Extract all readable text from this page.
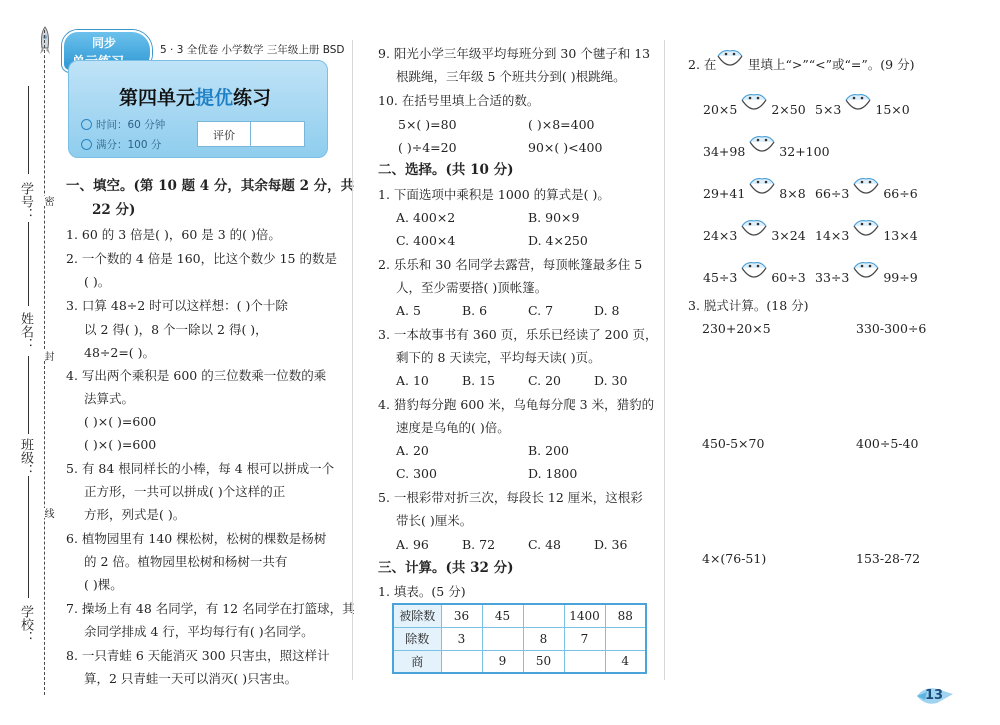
学号：
姓名：
班级：
学校：
密
封
线
同步	5 · 3 全优卷 小学数学 三年级上册 BSD
第四单元提优练习
时间：60 分钟
满分：100 分
评价
一、填空。(第 10 题 4 分，其余每题 2 分，共
22 分)
1. 60 的 3 倍是( )，60 是 3 的( )倍。
2. 一个数的 4 倍是 160，比这个数少 15 的数是
( )。
3. 口算 48÷2 时可以这样想：( )个十除
以 2 得( )，8 个一除以 2 得( )，
48÷2=( )。
4. 写出两个乘积是 600 的三位数乘一位数的乘
法算式。
( )×( )=600
( )×( )=600
5. 有 84 根同样长的小棒，每 4 根可以拼成一个
正方形，一共可以拼成( )个这样的正
方形，列式是( )。
6. 植物园里有 140 棵松树，松树的棵数是杨树
的 2 倍。植物园里松树和杨树一共有
( )棵。
7. 操场上有 48 名同学，有 12 名同学在打篮球，其
余同学排成 4 行，平均每行有( )名同学。
8. 一只青蛙 6 天能消灭 300 只害虫，照这样计
算，2 只青蛙一天可以消灭( )只害虫。
9. 阳光小学三年级平均每班分到 30 个毽子和 13
根跳绳，三年级 5 个班共分到( )根跳绳。
10. 在括号里填上合适的数。
5×( )=80	( )×8=400
( )÷4=20	90×( )<400
二、选择。(共 10 分)
1. 下面选项中乘积是 1000 的算式是( )。
A. 400×2	B. 90×9
C. 400×4	D. 4×250
2. 乐乐和 30 名同学去露营，每顶帐篷最多住 5
人，至少需要搭( )顶帐篷。
A. 5	B. 6	C. 7	D. 8
3. 一本故事书有 360 页，乐乐已经读了 200 页，
剩下的 8 天读完，平均每天读( )页。
A. 10	B. 15	C. 20	D. 30
4. 猎豹每分跑 600 米，乌龟每分爬 3 米，猎豹的
速度是乌龟的( )倍。
A. 20	B. 200
C. 300	D. 1800
5. 一根彩带对折三次，每段长 12 厘米，这根彩
带长( )厘米。
A. 96	B. 72	C. 48	D. 36
三、计算。(共 32 分)
1. 填表。(5 分)
被除数	36	45		1400	88
除数	3		8	7	
商		9	50		4
2. 在	里填上“>”“<”或“=”。(9 分)
20×5	2×50 5×3	15×0
34+98	32+100
29+41	8×8 66÷3	66÷6
24×3	3×24 14×3	13×4
45÷3	60÷3 33÷3	99÷9
3. 脱式计算。(18 分)
230+20×5	330-300÷6
450-5×70	400÷5-40
4×(76-51)	153-28-72
13
